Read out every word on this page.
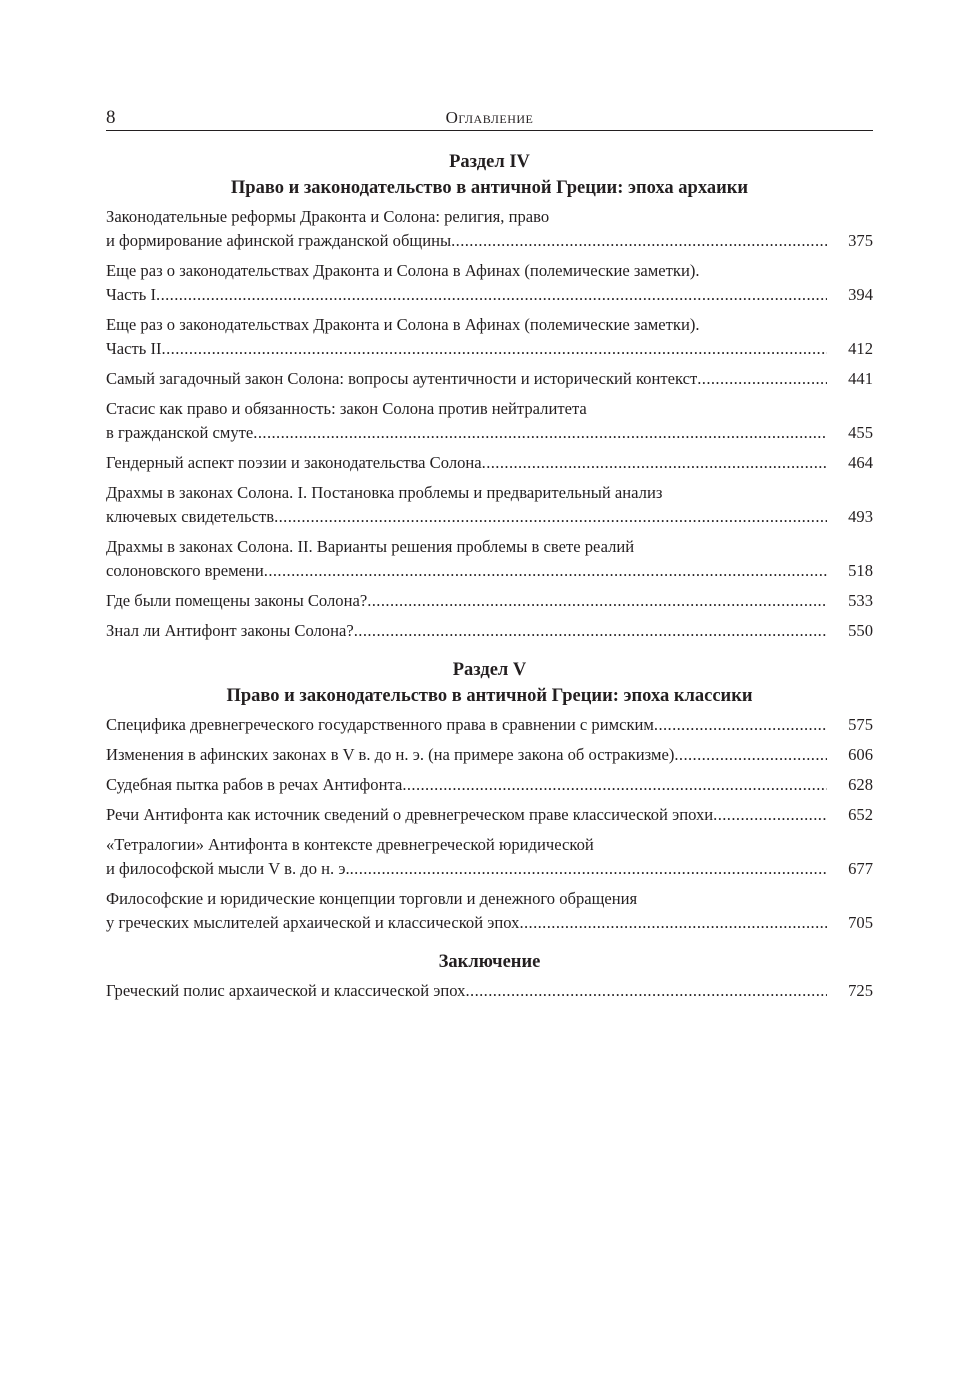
8	Оглавление
Раздел IV
Право и законодательство в античной Греции: эпоха архаики
Законодательные реформы Драконта и Солона: религия, право
и формирование афинской гражданской общины .....	375
Еще раз о законодательствах Драконта и Солона в Афинах (полемические заметки).
Часть I .....	394
Еще раз о законодательствах Драконта и Солона в Афинах (полемические заметки).
Часть II .....	412
Самый загадочный закон Солона: вопросы аутентичности и исторический контекст .....	441
Стасис как право и обязанность: закон Солона против нейтралитета
в гражданской смуте .....	455
Гендерный аспект поэзии и законодательства Солона .....	464
Драхмы в законах Солона. I. Постановка проблемы и предварительный анализ
ключевых свидетельств .....	493
Драхмы в законах Солона. II. Варианты решения проблемы в свете реалий
солоновского времени .....	518
Где были помещены законы Солона? .....	533
Знал ли Антифонт законы Солона? .....	550
Раздел V
Право и законодательство в античной Греции: эпоха классики
Специфика древнегреческого государственного права в сравнении с римским .....	575
Изменения в афинских законах в V в. до н. э. (на примере закона об остракизме) .....	606
Судебная пытка рабов в речах Антифонта .....	628
Речи Антифонта как источник сведений о древнегреческом праве классической эпохи .....	652
«Тетралогии» Антифонта в контексте древнегреческой юридической
и философской мысли V в. до н. э. .....	677
Философские и юридические концепции торговли и денежного обращения
у греческих мыслителей архаической и классической эпох .....	705
Заключение
Греческий полис архаической и классической эпох .....	725
